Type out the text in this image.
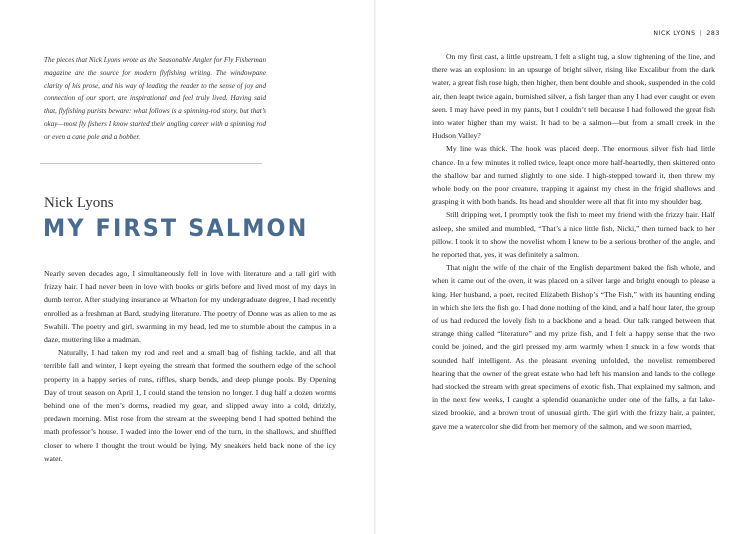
The pieces that Nick Lyons wrote as the Seasonable Angler for Fly Fisherman magazine are the source for modern flyfishing writing. The windowpane clarity of his prose, and his way of leading the reader to the sense of joy and connection of our sport, are inspirational and feel truly lived. Having said that, flyfishing purists beware: what follows is a spinning-rod story, but that’s okay—most fly fishers I know started their angling career with a spinning rod or even a cane pole and a bobber.

Nick Lyons
MY FIRST SALMON

Nearly seven decades ago, I simultaneously fell in love with literature and a tall girl with frizzy hair. I had never been in love with books or girls before and lived most of my days in dumb terror. After studying insurance at Wharton for my undergraduate degree, I had recently enrolled as a freshman at Bard, studying literature. The poetry of Donne was as alien to me as Swahili. The poetry and girl, swarming in my head, led me to stumble about the campus in a daze, muttering like a madman.

Naturally, I had taken my rod and reel and a small bag of fishing tackle, and all that terrible fall and winter, I kept eyeing the stream that formed the southern edge of the school property in a happy series of runs, riffles, sharp bends, and deep plunge pools. By Opening Day of trout season on April 1, I could stand the tension no longer. I dug half a dozen worms behind one of the men’s dorms, readied my gear, and slipped away into a cold, drizzly, predawn morning. Mist rose from the stream at the sweeping bend I had spotted behind the math professor’s house. I waded into the lower end of the turn, in the shallows, and shuffled closer to where I thought the trout would be lying. My sneakers held back none of the icy water.

NICK LYONS | 283

On my first cast, a little upstream, I felt a slight tug, a slow tightening of the line, and there was an explosion: in an upsurge of bright silver, rising like Excalibur from the dark water, a great fish rose high, then higher, then bent double and shook, suspended in the cold air, then leapt twice again, burnished silver, a fish larger than any I had ever caught or even seen. I may have peed in my pants, but I couldn’t tell because I had followed the great fish into water higher than my waist. It had to be a salmon—but from a small creek in the Hudson Valley?

My line was thick. The hook was placed deep. The enormous silver fish had little chance. In a few minutes it rolled twice, leapt once more half-heartedly, then skittered onto the shallow bar and turned slightly to one side. I high-stepped toward it, then threw my whole body on the poor creature, trapping it against my chest in the frigid shallows and grasping it with both hands. Its head and shoulder were all that fit into my shoulder bag.

Still dripping wet, I promptly took the fish to meet my friend with the frizzy hair. Half asleep, she smiled and mumbled, “That’s a nice little fish, Nicki,” then turned back to her pillow. I took it to show the novelist whom I knew to be a serious brother of the angle, and he reported that, yes, it was definitely a salmon.

That night the wife of the chair of the English department baked the fish whole, and when it came out of the oven, it was placed on a silver large and bright enough to please a king. Her husband, a poet, recited Elizabeth Bishop’s “The Fish,” with its haunting ending in which she lets the fish go. I had done nothing of the kind, and a half hour later, the group of us had reduced the lovely fish to a backbone and a head. Our talk ranged between that strange thing called “literature” and my prize fish, and I felt a happy sense that the two could be joined, and the girl pressed my arm warmly when I snuck in a few words that sounded half intelligent. As the pleasant evening unfolded, the novelist remembered hearing that the owner of the great estate who had left his mansion and lands to the college had stocked the stream with great specimens of exotic fish. That explained my salmon, and in the next few weeks, I caught a splendid ouananiche under one of the falls, a fat lake-sized brookie, and a brown trout of unusual girth. The girl with the frizzy hair, a painter, gave me a watercolor she did from her memory of the salmon, and we soon married,
